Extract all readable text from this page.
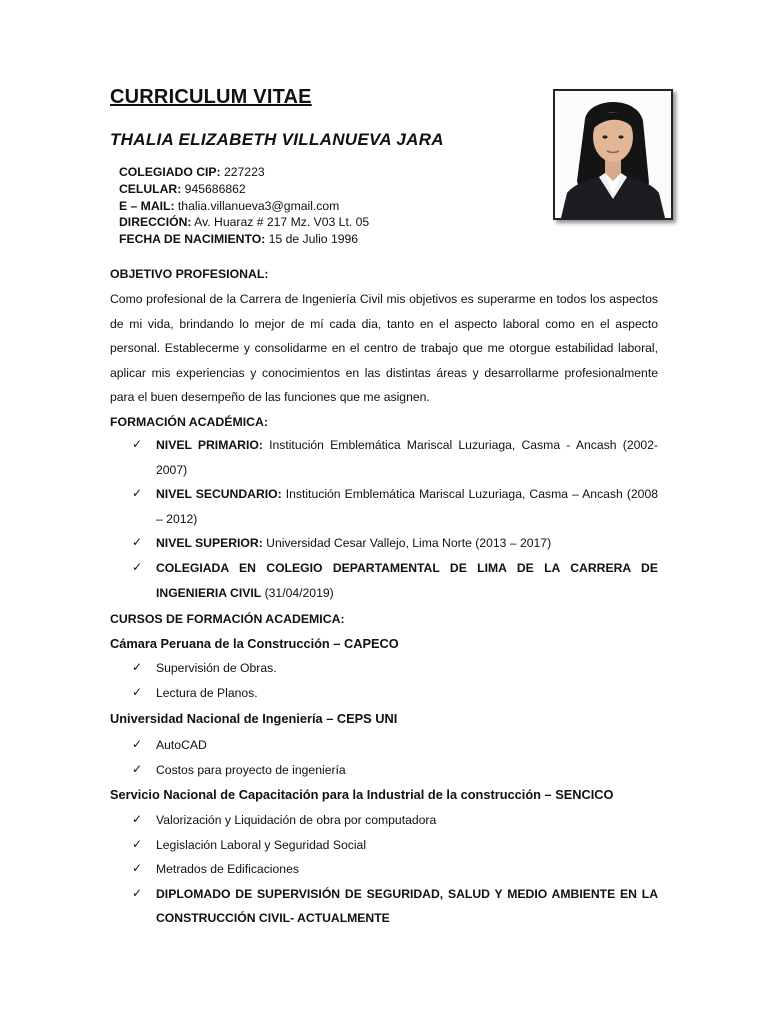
CURRICULUM VITAE
THALIA ELIZABETH VILLANUEVA JARA
COLEGIADO CIP: 227223
CELULAR: 945686862
E – MAIL: thalia.villanueva3@gmail.com
DIRECCIÓN: Av. Huaraz # 217 Mz. V03 Lt. 05
FECHA DE NACIMIENTO: 15 de Julio 1996
OBJETIVO PROFESIONAL:
Como profesional de la Carrera de Ingeniería Civil mis objetivos es superarme en todos los aspectos de mi vida, brindando lo mejor de mí cada dia, tanto en el aspecto laboral como en el aspecto personal. Establecerme y consolidarme en el centro de trabajo que me otorgue estabilidad laboral, aplicar mis experiencias y conocimientos en las distintas áreas y desarrollarme profesionalmente para el buen desempeño de las funciones que me asignen.
FORMACIÓN ACADÉMICA:
✓ NIVEL PRIMARIO: Institución Emblemática Mariscal Luzuriaga, Casma - Ancash (2002-2007)
✓ NIVEL SECUNDARIO: Institución Emblemática Mariscal Luzuriaga, Casma – Ancash (2008 – 2012)
✓ NIVEL SUPERIOR: Universidad Cesar Vallejo, Lima Norte (2013 – 2017)
✓ COLEGIADA EN COLEGIO DEPARTAMENTAL DE LIMA DE LA CARRERA DE INGENIERIA CIVIL (31/04/2019)
CURSOS DE FORMACIÓN ACADEMICA:
Cámara Peruana de la Construcción – CAPECO
✓ Supervisión de Obras.
✓ Lectura de Planos.
Universidad Nacional de Ingeniería – CEPS UNI
✓ AutoCAD
✓ Costos para proyecto de ingeniería
Servicio Nacional de Capacitación para la Industrial de la construcción – SENCICO
✓ Valorización y Liquidación de obra por computadora
✓ Legislación Laboral y Seguridad Social
✓ Metrados de Edificaciones
✓ DIPLOMADO DE SUPERVISIÓN DE SEGURIDAD, SALUD Y MEDIO AMBIENTE EN LA CONSTRUCCIÓN CIVIL- ACTUALMENTE
